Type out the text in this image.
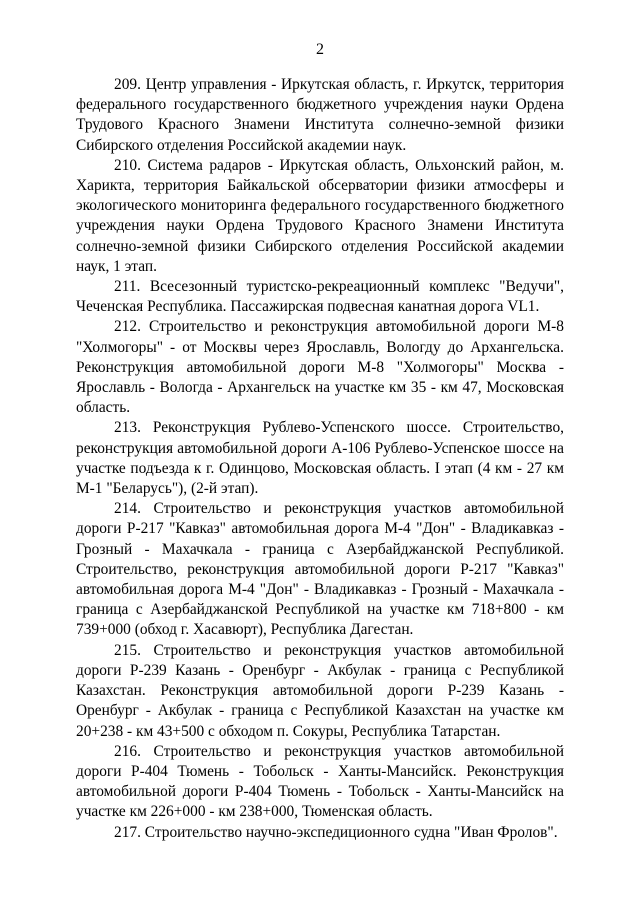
2

209. Центр управления - Иркутская область, г. Иркутск, территория федерального государственного бюджетного учреждения науки Ордена Трудового Красного Знамени Института солнечно-земной физики Сибирского отделения Российской академии наук.

210. Система радаров - Иркутская область, Ольхонский район, м. Харикта, территория Байкальской обсерватории физики атмосферы и экологического мониторинга федерального государственного бюджетного учреждения науки Ордена Трудового Красного Знамени Института солнечно-земной физики Сибирского отделения Российской академии наук, 1 этап.

211. Всесезонный туристско-рекреационный комплекс "Ведучи", Чеченская Республика. Пассажирская подвесная канатная дорога VL1.

212. Строительство и реконструкция автомобильной дороги М-8 "Холмогоры" - от Москвы через Ярославль, Вологду до Архангельска. Реконструкция автомобильной дороги М-8 "Холмогоры" Москва - Ярославль - Вологда - Архангельск на участке км 35 - км 47, Московская область.

213. Реконструкция Рублево-Успенского шоссе. Строительство, реконструкция автомобильной дороги А-106 Рублево-Успенское шоссе на участке подъезда к г. Одинцово, Московская область. I этап (4 км - 27 км М-1 "Беларусь"), (2-й этап).

214. Строительство и реконструкция участков автомобильной дороги Р-217 "Кавказ" автомобильная дорога М-4 "Дон" - Владикавказ - Грозный - Махачкала - граница с Азербайджанской Республикой. Строительство, реконструкция автомобильной дороги Р-217 "Кавказ" автомобильная дорога М-4 "Дон" - Владикавказ - Грозный - Махачкала - граница с Азербайджанской Республикой на участке км 718+800 - км 739+000 (обход г. Хасавюрт), Республика Дагестан.

215. Строительство и реконструкция участков автомобильной дороги Р-239 Казань - Оренбург - Акбулак - граница с Республикой Казахстан. Реконструкция автомобильной дороги Р-239 Казань - Оренбург - Акбулак - граница с Республикой Казахстан на участке км 20+238 - км 43+500 с обходом п. Сокуры, Республика Татарстан.

216. Строительство и реконструкция участков автомобильной дороги Р-404 Тюмень - Тобольск - Ханты-Мансийск. Реконструкция автомобильной дороги Р-404 Тюмень - Тобольск - Ханты-Мансийск на участке км 226+000 - км 238+000, Тюменская область.

217. Строительство научно-экспедиционного судна "Иван Фролов".
